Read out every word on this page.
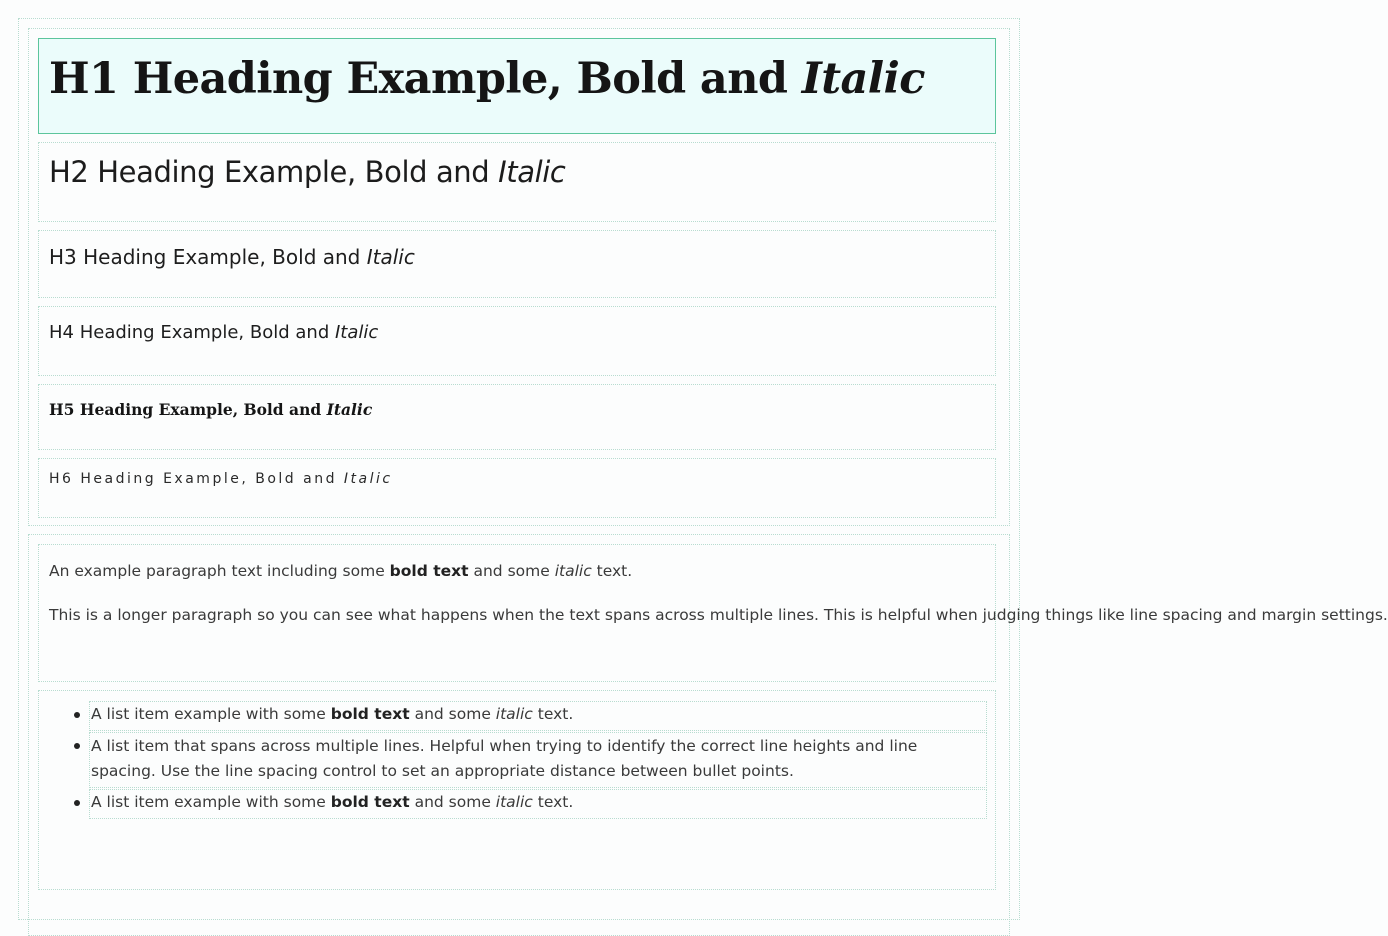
H1 Heading Example, Bold and Italic
H2 Heading Example, Bold and Italic
H3 Heading Example, Bold and Italic
H4 Heading Example, Bold and Italic
H5 Heading Example, Bold and Italic
H6 Heading Example, Bold and Italic
An example paragraph text including some bold text and some italic text.
This is a longer paragraph so you can see what happens when the text spans across multiple lines. This is helpful when judging things like line spacing and margin settings.
A list item example with some bold text and some italic text.
A list item that spans across multiple lines. Helpful when trying to identify the correct line heights and line spacing. Use the line spacing control to set an appropriate distance between bullet points.
A list item example with some bold text and some italic text.
